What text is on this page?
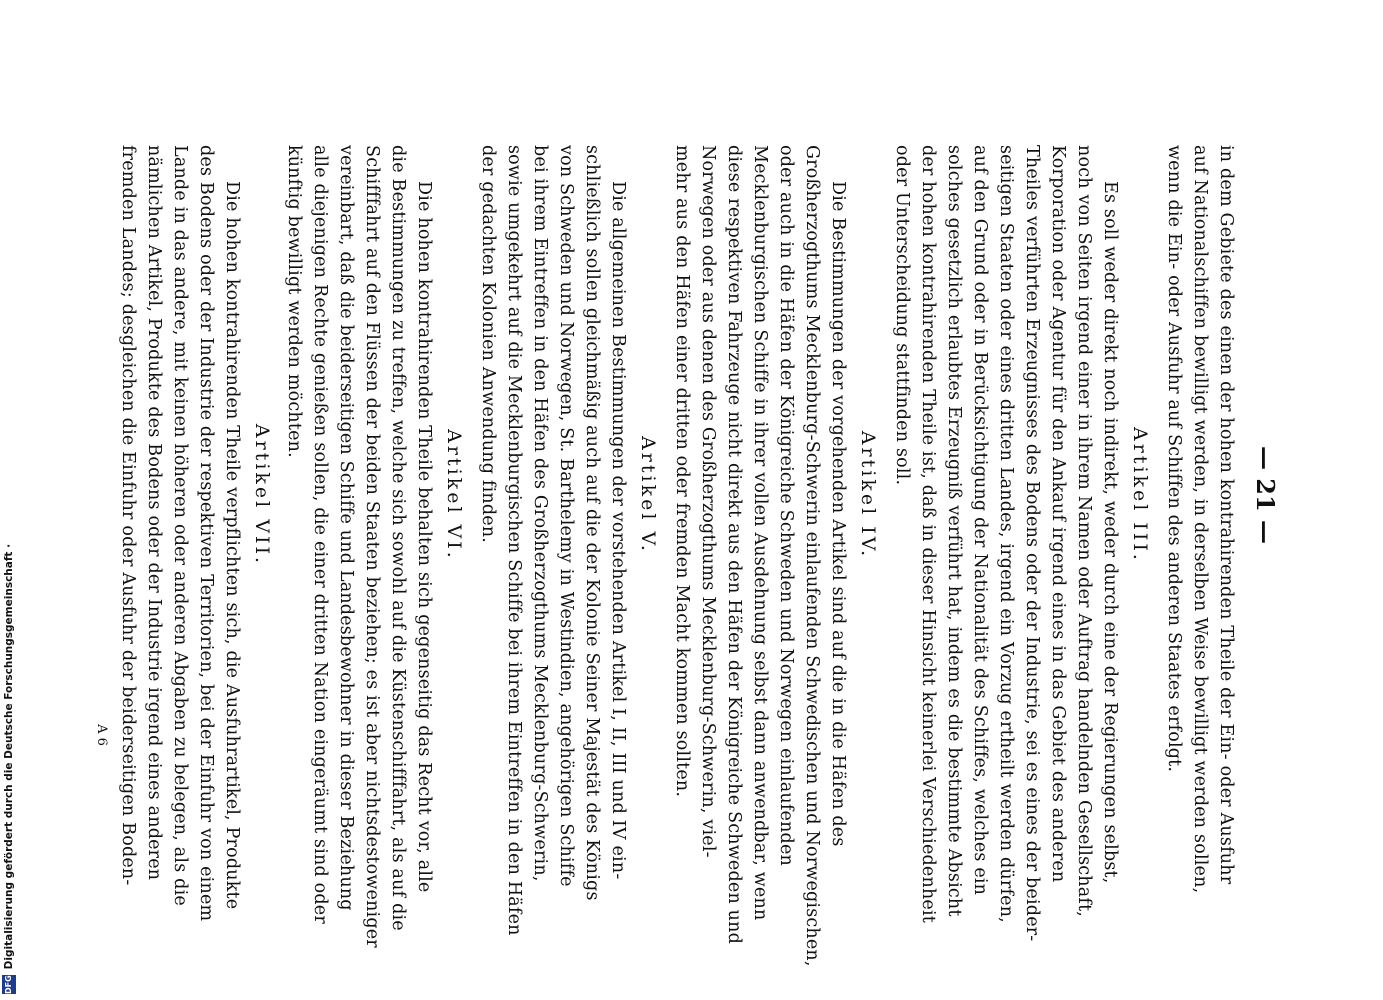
— 21 —
in dem Gebiete des einen der hohen kontrahirenden Theile der Ein- oder Ausfuhr
auf Nationalschiffen bewilligt werden, in derselben Weise bewilligt werden sollen,
wenn die Ein- oder Ausfuhr auf Schiffen des anderen Staates erfolgt.
Artikel III.
Es soll weder direkt noch indirekt, weder durch eine der Regierungen selbst,
noch von Seiten irgend einer in ihrem Namen oder Auftrag handelnden Gesellschaft,
Korporation oder Agentur für den Ankauf irgend eines in das Gebiet des anderen
Theiles verführten Erzeugnisses des Bodens oder der Industrie, sei es eines der beider-
seitigen Staaten oder eines dritten Landes, irgend ein Vorzug ertheilt werden dürfen,
auf den Grund oder in Berücksichtigung der Nationalität des Schiffes, welches ein
solches gesetzlich erlaubtes Erzeugniß verführt hat, indem es die bestimmte Absicht
der hohen kontrahirenden Theile ist, daß in dieser Hinsicht keinerlei Verschiedenheit
oder Unterscheidung stattfinden soll.
Artikel IV.
Die Bestimmungen der vorgehenden Artikel sind auf die in die Häfen des
Großherzogthums Mecklenburg-Schwerin einlaufenden Schwedischen und Norwegischen,
oder auch in die Häfen der Königreiche Schweden und Norwegen einlaufenden
Mecklenburgischen Schiffe in ihrer vollen Ausdehnung selbst dann anwendbar, wenn
diese respektiven Fahrzeuge nicht direkt aus den Häfen der Königreiche Schweden und
Norwegen oder aus denen des Großherzogthums Mecklenburg-Schwerin, viel-
mehr aus den Häfen einer dritten oder fremden Macht kommen sollten.
Artikel V.
Die allgemeinen Bestimmungen der vorstehenden Artikel I, II, III und IV ein-
schließlich sollen gleichmäßig auch auf die der Kolonie Seiner Majestät des Königs
von Schweden und Norwegen, St. Barthelemy in Westindien, angehörigen Schiffe
bei ihrem Eintreffen in den Häfen des Großherzogthums Mecklenburg-Schwerin,
sowie umgekehrt auf die Mecklenburgischen Schiffe bei ihrem Eintreffen in den Häfen
der gedachten Kolonien Anwendung finden.
Artikel VI.
Die hohen kontrahirenden Theile behalten sich gegenseitig das Recht vor, alle
die Bestimmungen zu treffen, welche sich sowohl auf die Küstenschifffahrt, als auf die
Schifffahrt auf den Flüssen der beiden Staaten beziehen; es ist aber nichtsdestoweniger
vereinbart, daß die beiderseitigen Schiffe und Landesbewohner in dieser Beziehung
alle diejenigen Rechte genießen sollen, die einer dritten Nation eingeräumt sind oder
künftig bewilligt werden möchten.
Artikel VII.
Die hohen kontrahirenden Theile verpflichten sich, die Ausfuhrartikel, Produkte
des Bodens oder der Industrie der respektiven Territorien, bei der Einfuhr von einem
Lande in das andere, mit keinen höheren oder anderen Abgaben zu belegen, als die
nämlichen Artikel, Produkte des Bodens oder der Industrie irgend eines anderen
fremden Landes; desgleichen die Einfuhr oder Ausfuhr der beiderseitigen Boden-
A 6
DFG
Digitalisierung gefördert durch die Deutsche Forschungsgemeinschaft ·
